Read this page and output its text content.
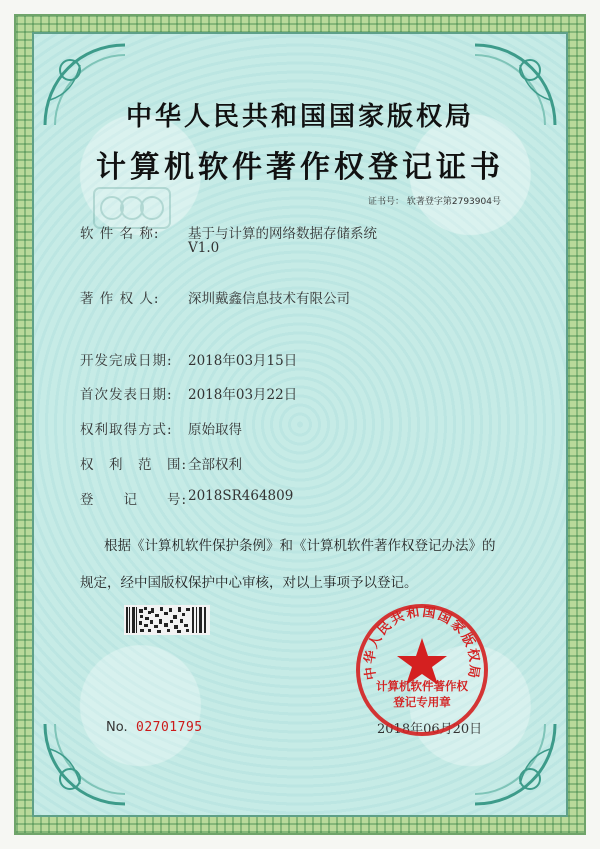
中华人民共和国国家版权局
计算机软件著作权登记证书
证书号： 软著登字第2793904号
软 件 名 称: 基于与计算的网络数据存储系统
V1.0
著 作 权 人: 深圳戴鑫信息技术有限公司
开发完成日期: 2018年03月15日
首次发表日期: 2018年03月22日
权利取得方式: 原始取得
权　利　范　围: 全部权利
登　　记　　号: 2018SR464809
根据《计算机软件保护条例》和《计算机软件著作权登记办法》的
规定，经中国版权保护中心审核，对以上事项予以登记。
No. 02701795	2018年06月20日
中华人民共和国国家版权局
计算机软件著作权
登记专用章
